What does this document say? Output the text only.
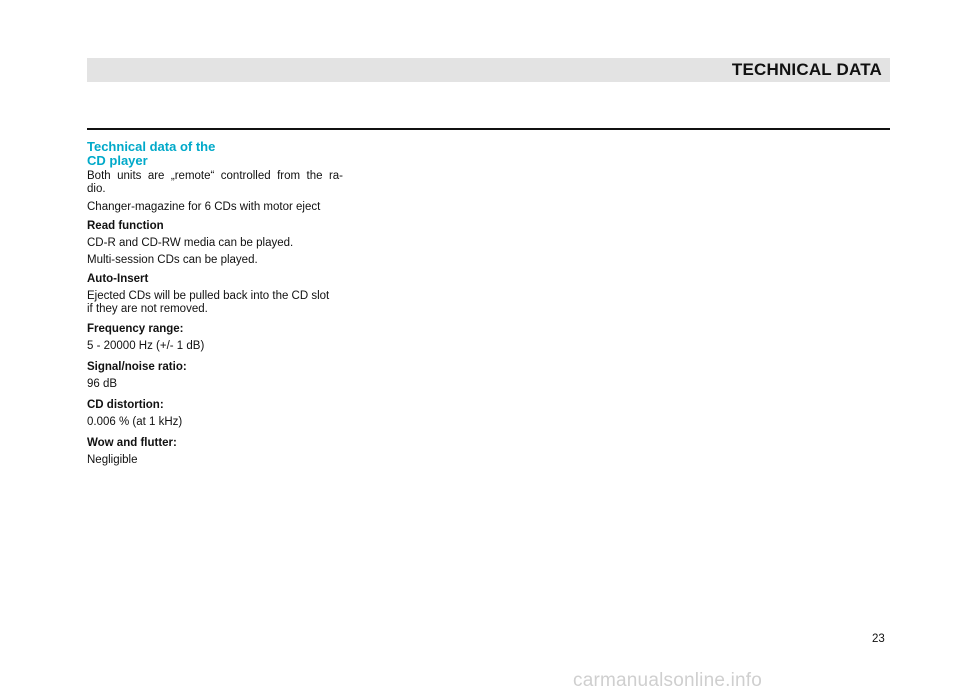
TECHNICAL DATA
Technical data of the
CD player

Both units are „remote“ controlled from the ra-
dio.

Changer-magazine for 6 CDs with motor eject

Read function

CD-R and CD-RW media can be played.

Multi-session CDs can be played.

Auto-Insert

Ejected CDs will be pulled back into the CD slot

if they are not removed.

Frequency range:

5 - 20000 Hz (+/- 1 dB)

Signal/noise ratio:

96 dB

CD distortion:

0.006 % (at 1 kHz)

Wow and flutter:

Negligible

23
carmanualsonline.info
